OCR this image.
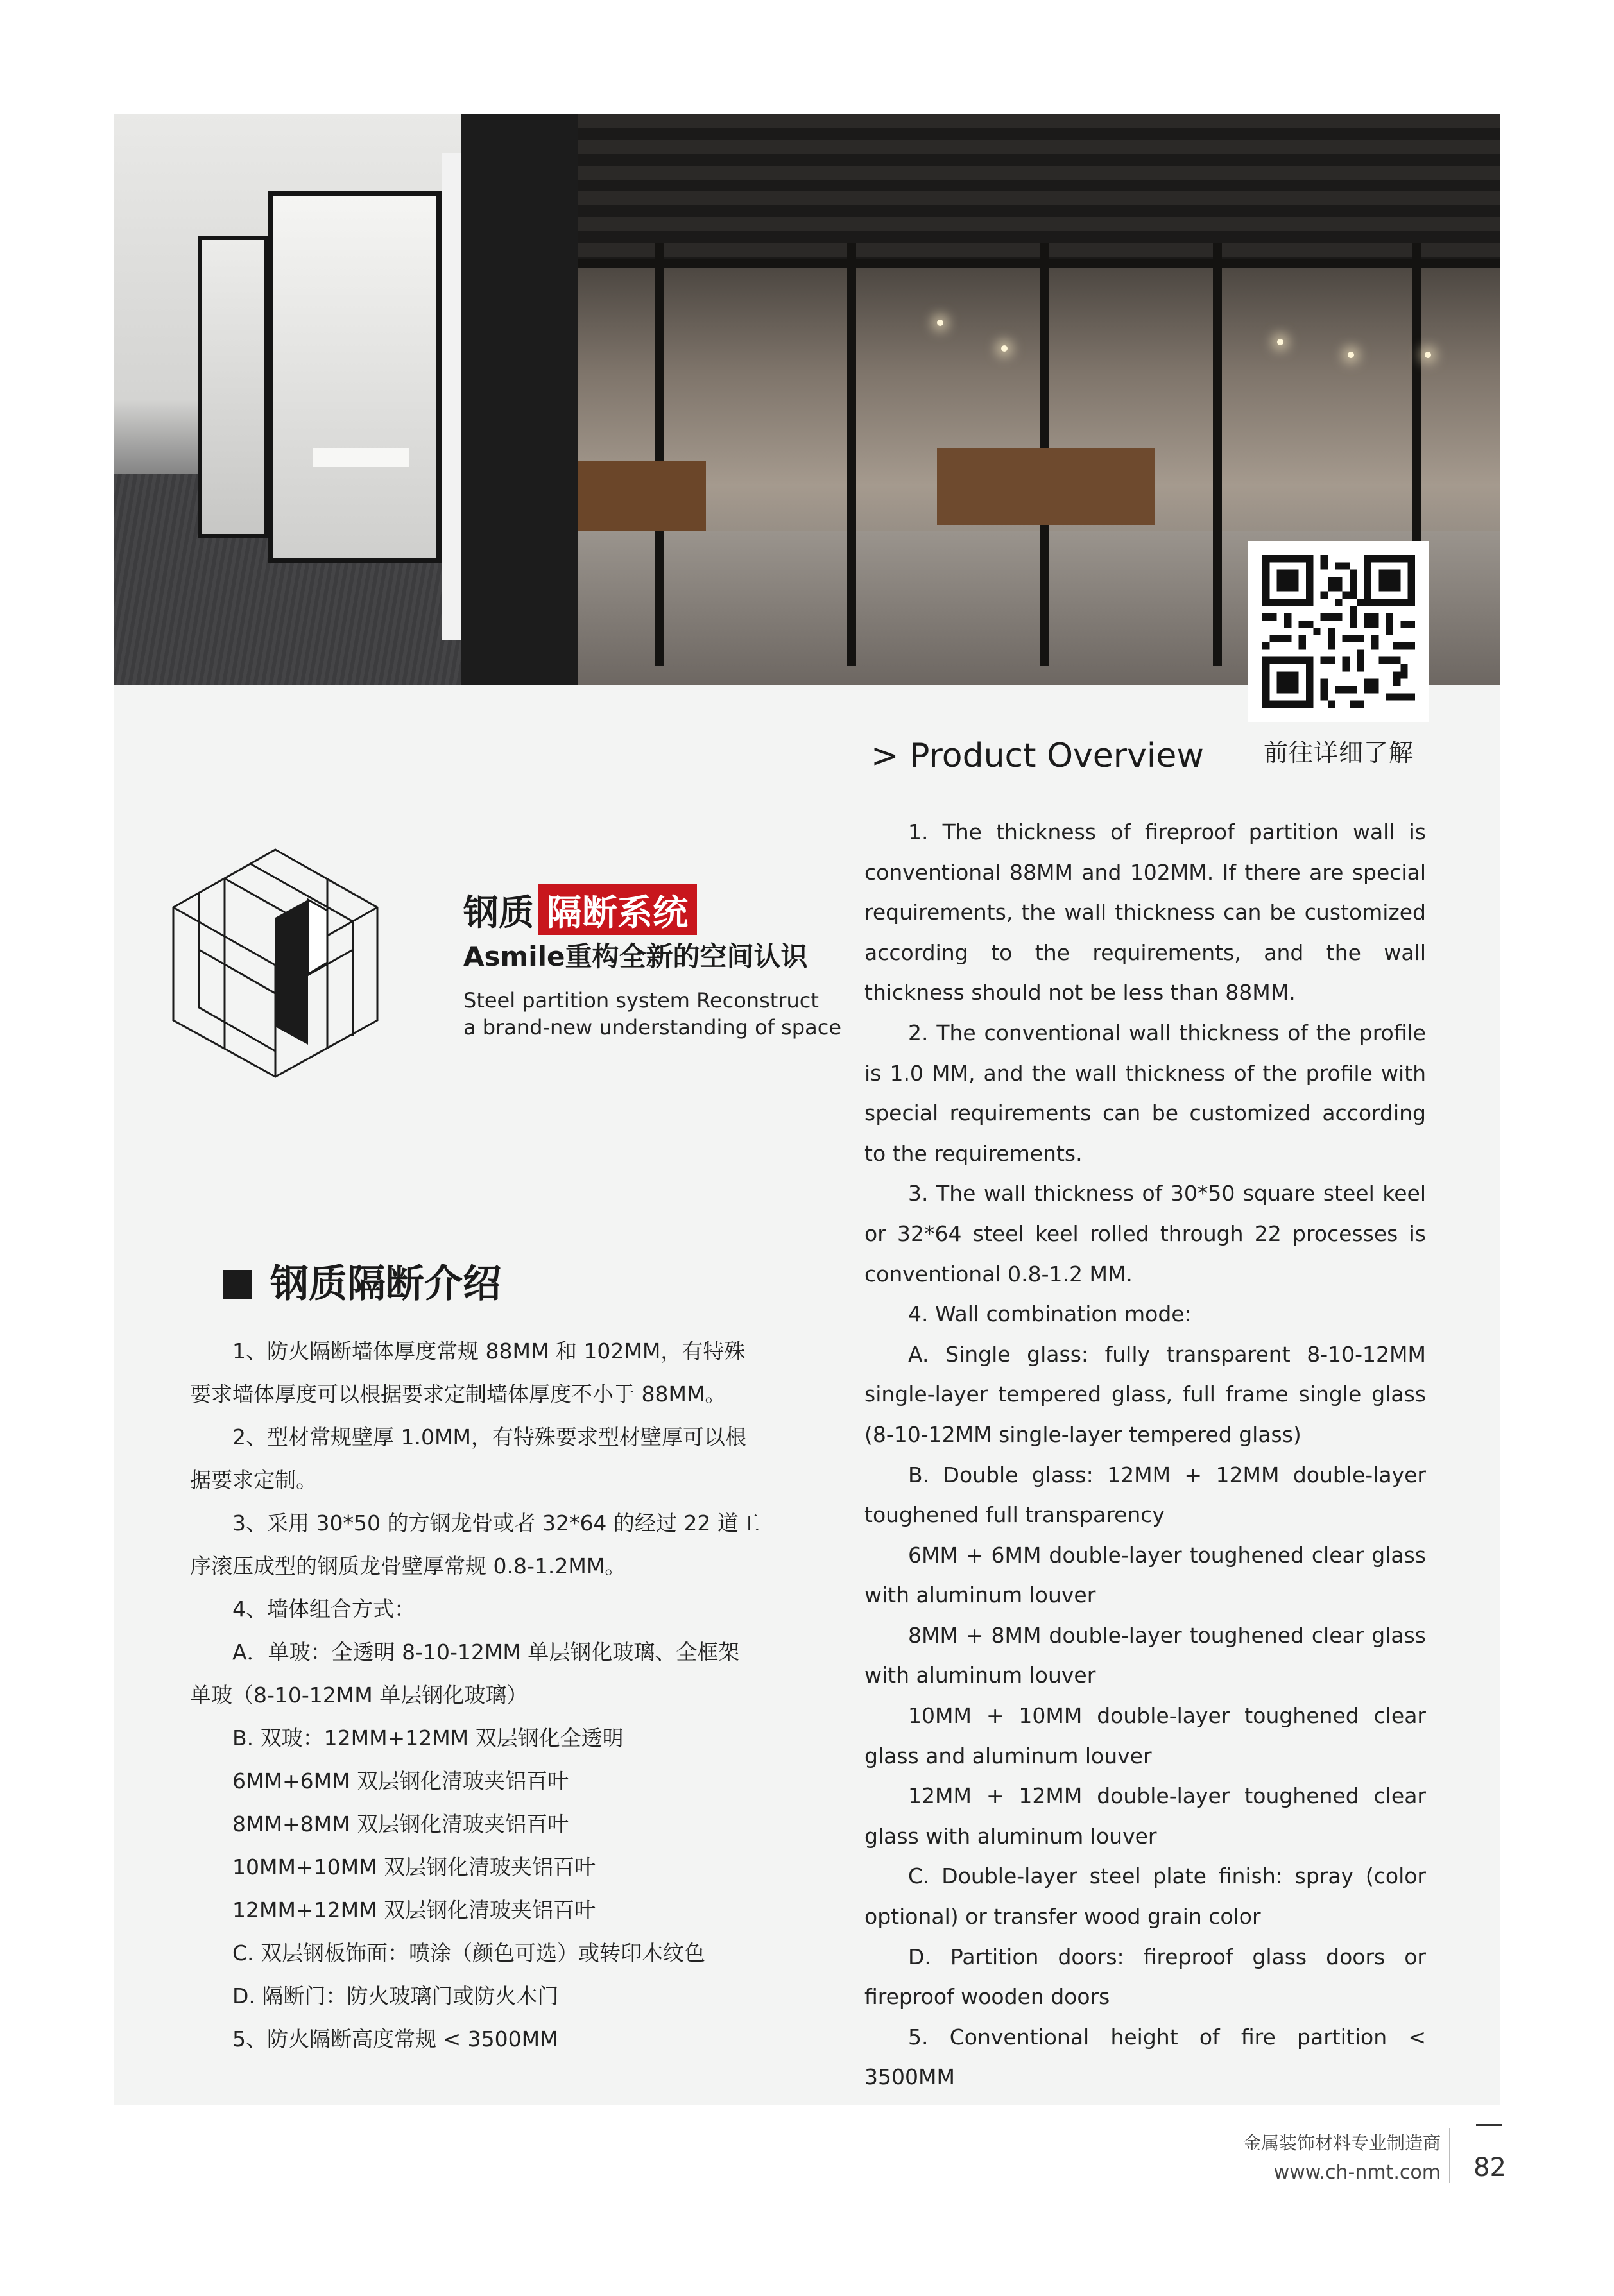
前往详细了解
> Product Overview
钢质 隔断系统
Asmile重构全新的空间认识
Steel partition system Reconstruct
a brand-new understanding of space
钢质隔断介绍
1、防火隔断墙体厚度常规 88MM 和 102MM，有特殊
要求墙体厚度可以根据要求定制墙体厚度不小于 88MM。
2、型材常规壁厚 1.0MM，有特殊要求型材壁厚可以根
据要求定制。
3、采用 30*50 的方钢龙骨或者 32*64 的经过 22 道工
序滚压成型的钢质龙骨壁厚常规 0.8-1.2MM。
4、墙体组合方式：
A．单玻：全透明 8-10-12MM 单层钢化玻璃、全框架
单玻（8-10-12MM 单层钢化玻璃）
B. 双玻：12MM+12MM 双层钢化全透明
6MM+6MM 双层钢化清玻夹铝百叶
8MM+8MM 双层钢化清玻夹铝百叶
10MM+10MM 双层钢化清玻夹铝百叶
12MM+12MM 双层钢化清玻夹铝百叶
C. 双层钢板饰面：喷涂（颜色可选）或转印木纹色
D. 隔断门：防火玻璃门或防火木门
5、防火隔断高度常规 < 3500MM
1. The thickness of fireproof partition wall is conventional 88MM and 102MM. If there are special requirements, the wall thickness can be customized according to the requirements, and the wall thickness should not be less than 88MM.
2. The conventional wall thickness of the profile is 1.0 MM, and the wall thickness of the profile with special requirements can be customized according to the requirements.
3. The wall thickness of 30*50 square steel keel or 32*64 steel keel rolled through 22 processes is conventional 0.8-1.2 MM.
4. Wall combination mode:
A. Single glass: fully transparent 8-10-12MM single-layer tempered glass, full frame single glass (8-10-12MM single-layer tempered glass)
B. Double glass: 12MM + 12MM double-layer toughened full transparency
6MM + 6MM double-layer toughened clear glass with aluminum louver
8MM + 8MM double-layer toughened clear glass with aluminum louver
10MM + 10MM double-layer toughened clear glass and aluminum louver
12MM + 12MM double-layer toughened clear glass with aluminum louver
C. Double-layer steel plate finish: spray (color optional) or transfer wood grain color
D. Partition doors: fireproof glass doors or fireproof wooden doors
5. Conventional height of fire partition < 3500MM
金属装饰材料专业制造商
www.ch-nmt.com 82
